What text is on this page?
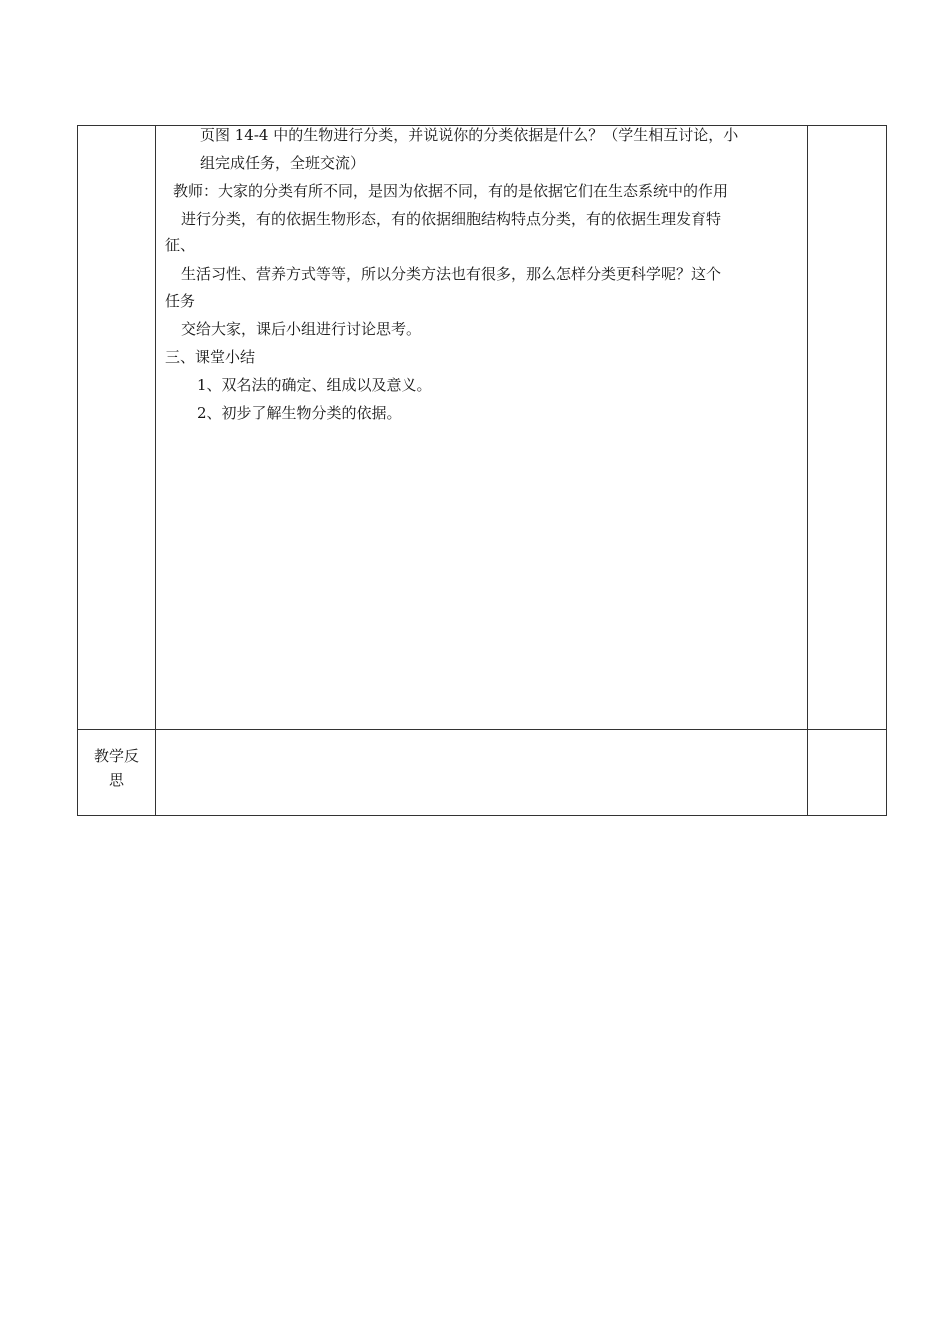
页图 14-4 中的生物进行分类，并说说你的分类依据是什么？（学生相互讨论，小
组完成任务，全班交流）
教师：大家的分类有所不同，是因为依据不同，有的是依据它们在生态系统中的作用
进行分类，有的依据生物形态，有的依据细胞结构特点分类，有的依据生理发育特
征、
生活习性、营养方式等等，所以分类方法也有很多，那么怎样分类更科学呢？这个
任务
交给大家，课后小组进行讨论思考。
三、课堂小结
1、双名法的确定、组成以及意义。
2、初步了解生物分类的依据。
教学反
思
